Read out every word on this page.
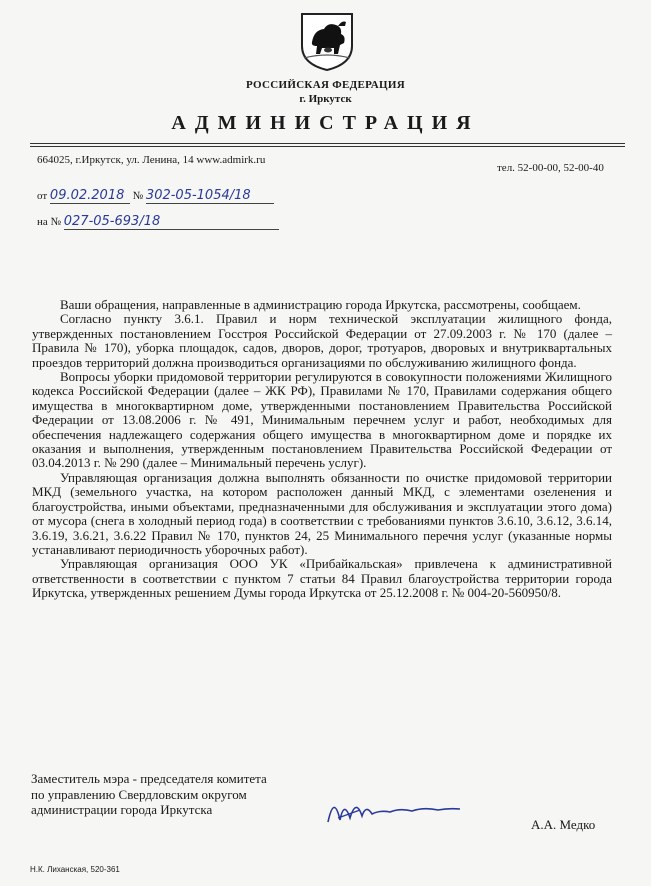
РОССИЙСКАЯ ФЕДЕРАЦИЯ
г. Иркутск
АДМИНИСТРАЦИЯ
664025, г.Иркутск, ул. Ленина, 14 www.admirk.ru
тел. 52-00-00, 52-00-40
от 09.02.2018 № 302-05-1054/18
на № 027-05-693/18

Ваши обращения, направленные в администрацию города Иркутска, рассмотрены, сообщаем.

Согласно пункту 3.6.1. Правил и норм технической эксплуатации жилищного фонда, утвержденных постановлением Госстроя Российской Федерации от 27.09.2003 г. № 170 (далее – Правила № 170), уборка площадок, садов, дворов, дорог, тротуаров, дворовых и внутриквартальных проездов территорий должна производиться организациями по обслуживанию жилищного фонда.

Вопросы уборки придомовой территории регулируются в совокупности положениями Жилищного кодекса Российской Федерации (далее – ЖК РФ), Правилами № 170, Правилами содержания общего имущества в многоквартирном доме, утвержденными постановлением Правительства Российской Федерации от 13.08.2006 г. № 491, Минимальным перечнем услуг и работ, необходимых для обеспечения надлежащего содержания общего имущества в многоквартирном доме и порядке их оказания и выполнения, утвержденным постановлением Правительства Российской Федерации от 03.04.2013 г. № 290 (далее – Минимальный перечень услуг).

Управляющая организация должна выполнять обязанности по очистке придомовой территории МКД (земельного участка, на котором расположен данный МКД, с элементами озеленения и благоустройства, иными объектами, предназначенными для обслуживания и эксплуатации этого дома) от мусора (снега в холодный период года) в соответствии с требованиями пунктов 3.6.10, 3.6.12, 3.6.14, 3.6.19, 3.6.21, 3.6.22 Правил № 170, пунктов 24, 25 Минимального перечня услуг (указанные нормы устанавливают периодичность уборочных работ).

Управляющая организация ООО УК «Прибайкальская» привлечена к административной ответственности в соответствии с пунктом 7 статьи 84 Правил благоустройства территории города Иркутска, утвержденных решением Думы города Иркутска от 25.12.2008 г. № 004-20-560950/8.

Заместитель мэра - председателя комитета
по управлению Свердловским округом
администрации города Иркутска
А.А. Медко
Н.К. Лиханская, 520-361
